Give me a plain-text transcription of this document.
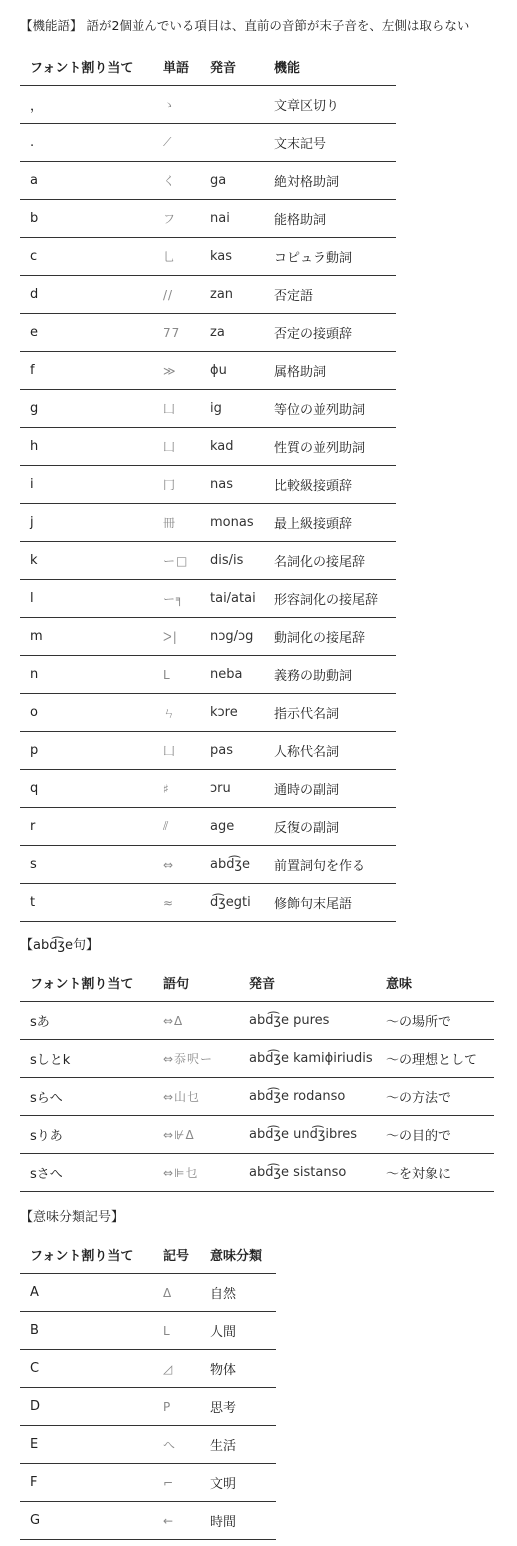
【機能語】 語が2個並んでいる項目は、直前の音節が末子音を、左側は取らない
フォント割り当て	単語	発音	機能
，	ゝ		文章区切り
.	⟋		文末記号
a	く	ga	絶対格助詞
b	フ	nai	能格助詞
c	乚	kas	コピュラ動詞
d	//	zan	否定語
e	77	za	否定の接頭辞
f	≫	ɸu	属格助詞
g	凵	ig	等位の並列助詞
h	凵	kad	性質の並列助詞
i	冂	nas	比較級接頭辞
j	冊	monas	最上級接頭辞
k	ー□	dis/is	名詞化の接尾辞
l	ー╕	tai/atai	形容詞化の接尾辞
m	ᐳ|	nɔg/ɔg	動詞化の接尾辞
n	L	neba	義務の助動詞
o	ㄣ	kɔre	指示代名詞
p	凵	pas	人称代名詞
q	♯	ɔru	通時の副詞
r	⫽	age	反復の副詞
s	⇔	abd͡ʒe	前置詞句を作る
t	≈	d͡ʒegti	修飾句末尾語
【abd͡ʒe句】
フォント割り当て	語句	発音	意味
sあ	⇔ᐃ	abd͡ʒe pures	～の場所で
sしとk	⇔忝呎ー	abd͡ʒe kamiɸiriudis	～の理想として
sらへ	⇔山乜	abd͡ʒe rodanso	～の方法で
sりあ	⇔⊮ᐃ	abd͡ʒe und͡ʒibres	～の目的で
sさへ	⇔⊫乜	abd͡ʒe sistanso	～を対象に
【意味分類記号】
フォント割り当て	記号	意味分類
A	ᐃ	自然
B	L	人間
C	◿	物体
D	P	思考
E	へ	生活
F	⌐	文明
G	←	時間
